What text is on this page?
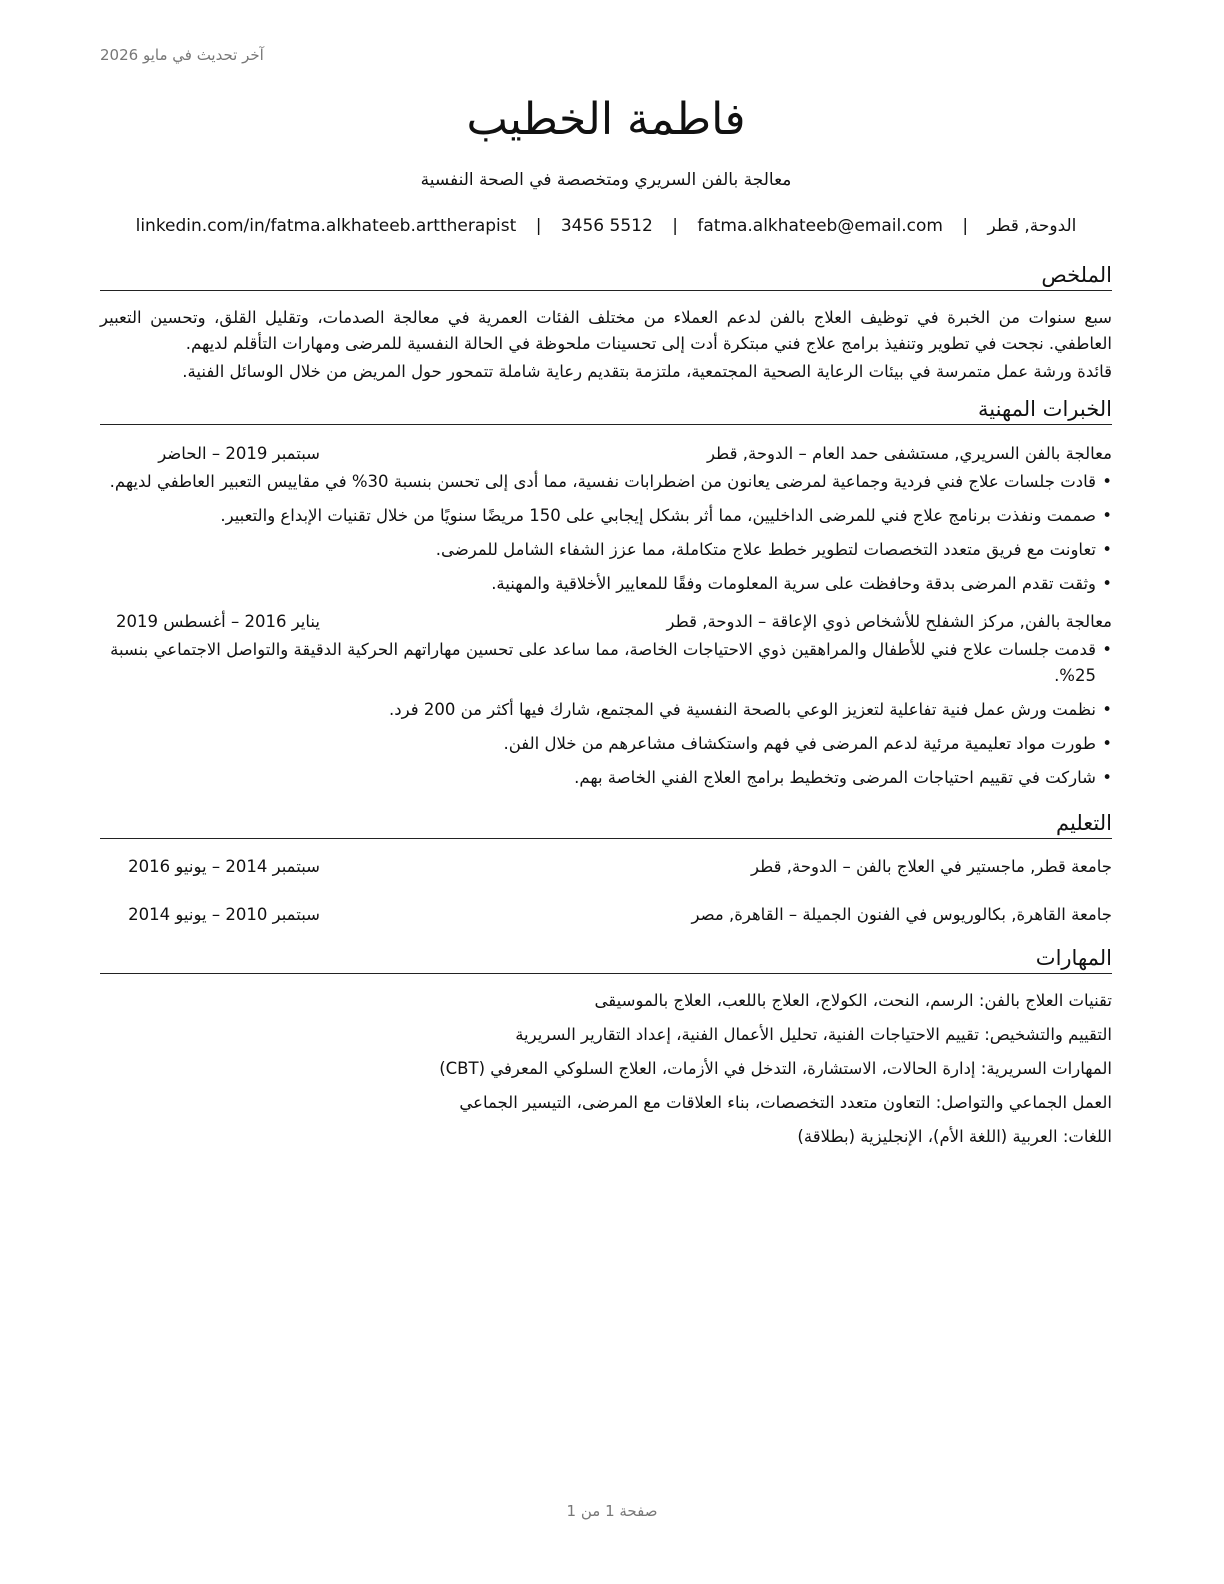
آخر تحديث في مايو 2026
فاطمة الخطيب
معالجة بالفن السريري ومتخصصة في الصحة النفسية
الدوحة, قطر | fatma.alkhateeb@email.com | 3456 5512 | linkedin.com/in/fatma.alkhateeb.arttherapist
الملخص

سبع سنوات من الخبرة في توظيف العلاج بالفن لدعم العملاء من مختلف الفئات العمرية في معالجة الصدمات، وتقليل القلق، وتحسين التعبير العاطفي. نجحت في تطوير وتنفيذ برامج علاج فني مبتكرة أدت إلى تحسينات ملحوظة في الحالة النفسية للمرضى ومهارات التأقلم لديهم.

قائدة ورشة عمل متمرسة في بيئات الرعاية الصحية المجتمعية، ملتزمة بتقديم رعاية شاملة تتمحور حول المريض من خلال الوسائل الفنية.

الخبرات المهنية
معالجة بالفن السريري, مستشفى حمد العام – الدوحة, قطر
سبتمبر 2019 – الحاضر
• قادت جلسات علاج فني فردية وجماعية لمرضى يعانون من اضطرابات نفسية، مما أدى إلى تحسن بنسبة 30% في مقاييس التعبير العاطفي لديهم.
• صممت ونفذت برنامج علاج فني للمرضى الداخليين، مما أثر بشكل إيجابي على 150 مريضًا سنويًا من خلال تقنيات الإبداع والتعبير.
• تعاونت مع فريق متعدد التخصصات لتطوير خطط علاج متكاملة، مما عزز الشفاء الشامل للمرضى.
• وثقت تقدم المرضى بدقة وحافظت على سرية المعلومات وفقًا للمعايير الأخلاقية والمهنية.
معالجة بالفن, مركز الشفلح للأشخاص ذوي الإعاقة – الدوحة, قطر
يناير 2016 – أغسطس 2019
• قدمت جلسات علاج فني للأطفال والمراهقين ذوي الاحتياجات الخاصة، مما ساعد على تحسين مهاراتهم الحركية الدقيقة والتواصل الاجتماعي بنسبة 25%.
• نظمت ورش عمل فنية تفاعلية لتعزيز الوعي بالصحة النفسية في المجتمع، شارك فيها أكثر من 200 فرد.
• طورت مواد تعليمية مرئية لدعم المرضى في فهم واستكشاف مشاعرهم من خلال الفن.
• شاركت في تقييم احتياجات المرضى وتخطيط برامج العلاج الفني الخاصة بهم.
التعليم
جامعة قطر, ماجستير في العلاج بالفن – الدوحة, قطر
سبتمبر 2014 – يونيو 2016
جامعة القاهرة, بكالوريوس في الفنون الجميلة – القاهرة, مصر
سبتمبر 2010 – يونيو 2014
المهارات
تقنيات العلاج بالفن: الرسم، النحت، الكولاج، العلاج باللعب، العلاج بالموسيقى
التقييم والتشخيص: تقييم الاحتياجات الفنية، تحليل الأعمال الفنية، إعداد التقارير السريرية
المهارات السريرية: إدارة الحالات، الاستشارة، التدخل في الأزمات، العلاج السلوكي المعرفي (CBT)
العمل الجماعي والتواصل: التعاون متعدد التخصصات، بناء العلاقات مع المرضى، التيسير الجماعي
اللغات: العربية (اللغة الأم)، الإنجليزية (بطلاقة)
صفحة 1 من 1
